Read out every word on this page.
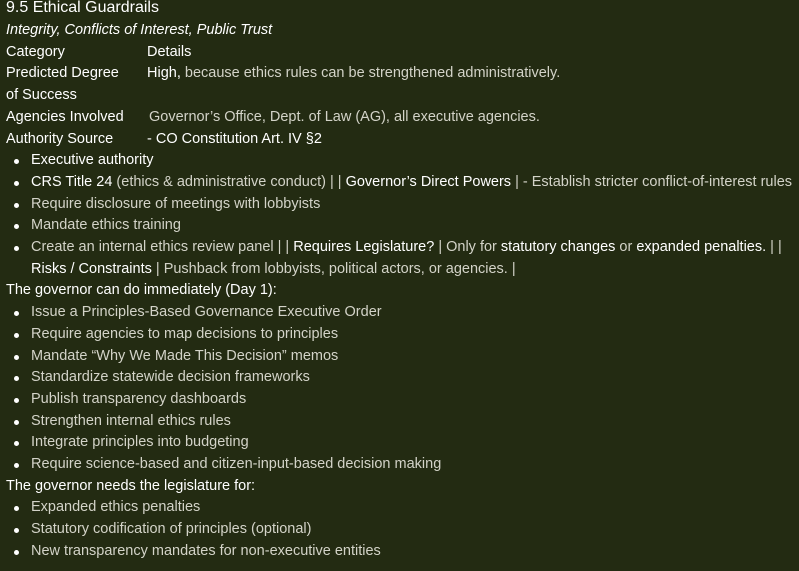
9.5 Ethical Guardrails
Integrity, Conflicts of Interest, Public Trust
Category	Details
Predicted Degree	High, because ethics rules can be strengthened administratively.
of Success
Agencies Involved	Governor’s Office, Dept. of Law (AG), all executive agencies.
Authority Source	- CO Constitution Art. IV §2
Executive authority
CRS Title 24 (ethics & administrative conduct) | | Governor’s Direct Powers | - Establish stricter conflict-of-interest rules
Require disclosure of meetings with lobbyists
Mandate ethics training
Create an internal ethics review panel | | Requires Legislature? | Only for statutory changes or expanded penalties. | |
Risks / Constraints | Pushback from lobbyists, political actors, or agencies. |
The governor can do immediately (Day 1):
Issue a Principles-Based Governance Executive Order
Require agencies to map decisions to principles
Mandate “Why We Made This Decision” memos
Standardize statewide decision frameworks
Publish transparency dashboards
Strengthen internal ethics rules
Integrate principles into budgeting
Require science-based and citizen-input-based decision making
The governor needs the legislature for:
Expanded ethics penalties
Statutory codification of principles (optional)
New transparency mandates for non-executive entities
